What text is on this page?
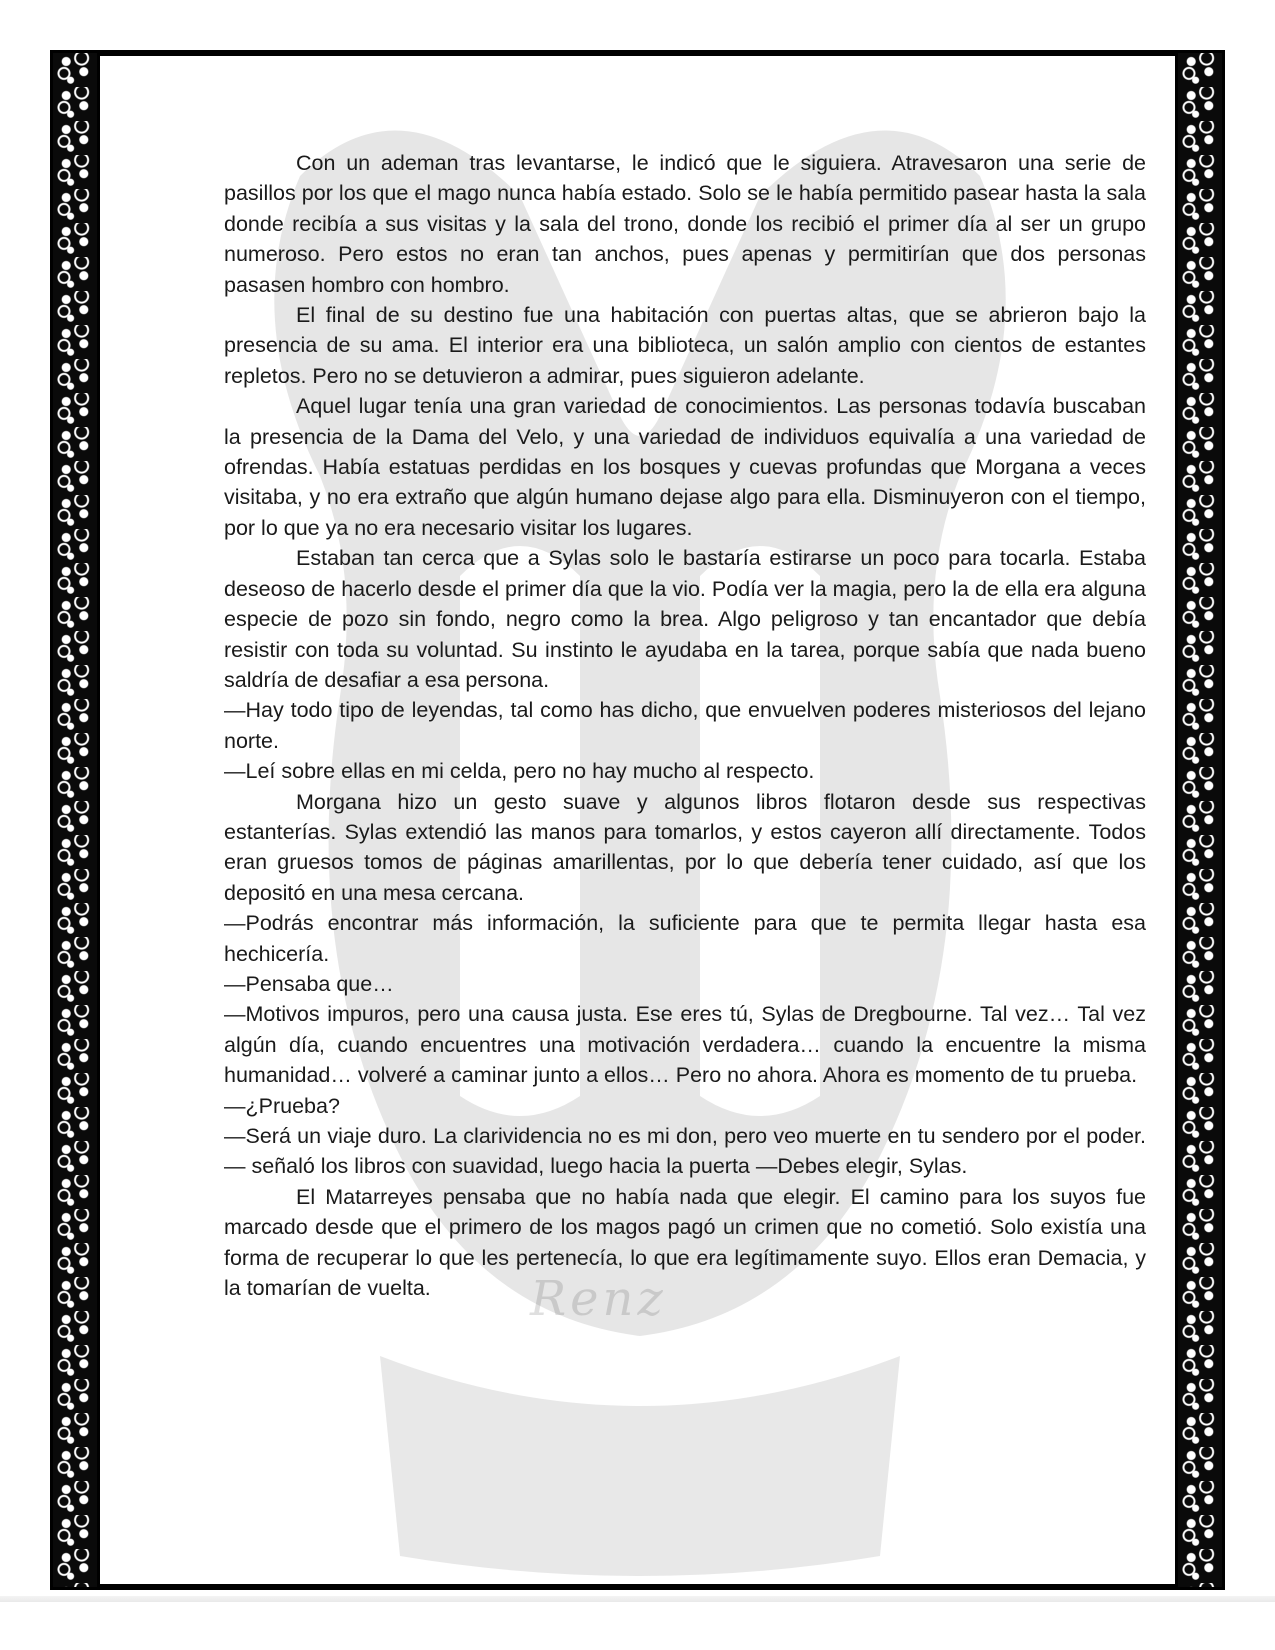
Renz

Con un ademan tras levantarse, le indicó que le siguiera. Atravesaron una serie de pasillos por los que el mago nunca había estado. Solo se le había permitido pasear hasta la sala donde recibía a sus visitas y la sala del trono, donde los recibió el primer día al ser un grupo numeroso. Pero estos no eran tan anchos, pues apenas y permitirían que dos personas pasasen hombro con hombro.

El final de su destino fue una habitación con puertas altas, que se abrieron bajo la presencia de su ama. El interior era una biblioteca, un salón amplio con cientos de estantes repletos. Pero no se detuvieron a admirar, pues siguieron adelante.

Aquel lugar tenía una gran variedad de conocimientos. Las personas todavía buscaban la presencia de la Dama del Velo, y una variedad de individuos equivalía a una variedad de ofrendas. Había estatuas perdidas en los bosques y cuevas profundas que Morgana a veces visitaba, y no era extraño que algún humano dejase algo para ella. Disminuyeron con el tiempo, por lo que ya no era necesario visitar los lugares.

Estaban tan cerca que a Sylas solo le bastaría estirarse un poco para tocarla. Estaba deseoso de hacerlo desde el primer día que la vio. Podía ver la magia, pero la de ella era alguna especie de pozo sin fondo, negro como la brea. Algo peligroso y tan encantador que debía resistir con toda su voluntad. Su instinto le ayudaba en la tarea, porque sabía que nada bueno saldría de desafiar a esa persona.

—Hay todo tipo de leyendas, tal como has dicho, que envuelven poderes misteriosos del lejano norte.

—Leí sobre ellas en mi celda, pero no hay mucho al respecto.

Morgana hizo un gesto suave y algunos libros flotaron desde sus respectivas estanterías. Sylas extendió las manos para tomarlos, y estos cayeron allí directamente. Todos eran gruesos tomos de páginas amarillentas, por lo que debería tener cuidado, así que los depositó en una mesa cercana.

—Podrás encontrar más información, la suficiente para que te permita llegar hasta esa hechicería.

—Pensaba que…

—Motivos impuros, pero una causa justa. Ese eres tú, Sylas de Dregbourne. Tal vez… Tal vez algún día, cuando encuentres una motivación verdadera… cuando la encuentre la misma humanidad… volveré a caminar junto a ellos… Pero no ahora. Ahora es momento de tu prueba.

—¿Prueba?

—Será un viaje duro. La clarividencia no es mi don, pero veo muerte en tu sendero por el poder. — señaló los libros con suavidad, luego hacia la puerta —Debes elegir, Sylas.

El Matarreyes pensaba que no había nada que elegir. El camino para los suyos fue marcado desde que el primero de los magos pagó un crimen que no cometió. Solo existía una forma de recuperar lo que les pertenecía, lo que era legítimamente suyo. Ellos eran Demacia, y la tomarían de vuelta.
